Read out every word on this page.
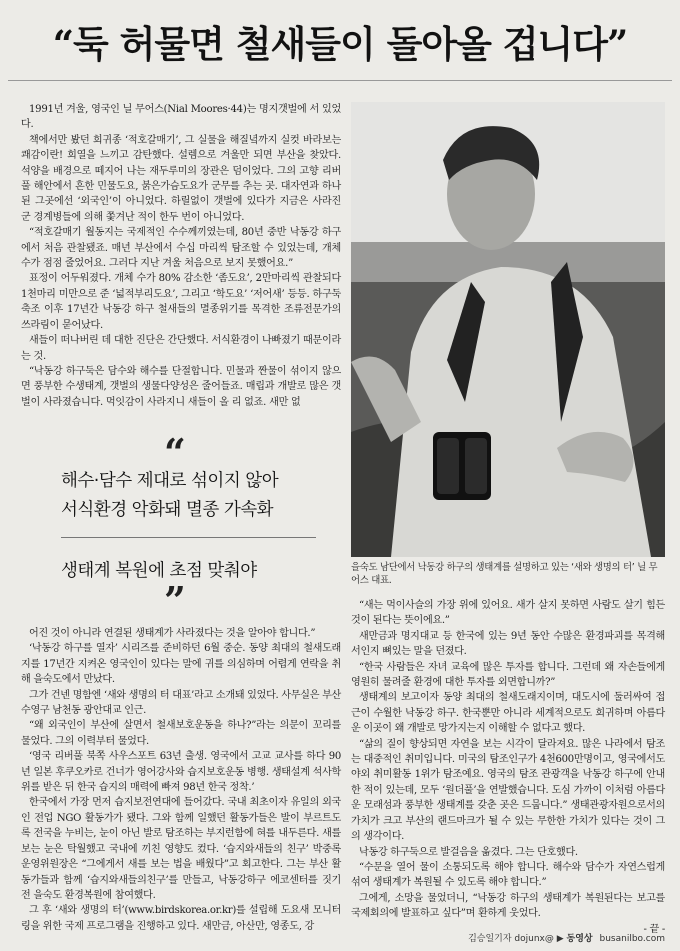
“둑 허물면 철새들이 돌아올 겁니다”

1991년 겨울, 영국인 닐 무어스(Nial Moores·44)는 명지갯벌에 서 있었다.

책에서만 봤던 희귀종 ‘적호갈매기’, 그 실물을 해질녘까지 실컷 바라보는 쾌감이란! 희열을 느끼고 감탄했다. 설렘으로 겨울만 되면 부산을 찾았다. 석양을 배경으로 떼지어 나는 재두루미의 장관은 덤이었다. 그의 고향 리버풀 해안에서 흔한 민물도요, 붉은가슴도요가 군무를 추는 곳. 대자연과 하나된 그곳에선 ‘외국인’이 아니었다. 하릴없이 갯벌에 있다가 지금은 사라진 군 경계병들에 의해 쫓겨난 적이 한두 번이 아니었다.

“적호갈매기 월동지는 국제적인 수수께끼였는데, 80년 중반 낙동강 하구에서 처음 관찰됐죠. 매년 부산에서 수십 마리씩 탐조할 수 있었는데, 개체 수가 점점 줄었어요. 그러다 지난 겨울 처음으로 보지 못했어요.”

표정이 어두워졌다. 개체 수가 80% 감소한 ‘좀도요’, 2만마리씩 관찰되다 1천마리 미만으로 준 ‘넓적부리도요’, 그리고 ‘학도요’ ‘저어새’ 등등. 하구둑 축조 이후 17년간 낙동강 하구 철새들의 멸종위기를 목격한 조류전문가의 쓰라림이 묻어났다.

새들이 떠나버린 데 대한 진단은 간단했다. 서식환경이 나빠졌기 때문이라는 것.

“낙동강 하구둑은 담수와 해수를 단절합니다. 민물과 짠물이 섞이지 않으면 풍부한 수생태계, 갯벌의 생물다양성은 줄어들죠. 매립과 개발로 많은 갯벌이 사라졌습니다. 먹잇감이 사라지니 새들이 올 리 없죠. 새만 없

“
해수·담수 제대로 섞이지 않아
서식환경 악화돼 멸종 가속화
생태계 복원에 초점 맞춰야
”

어진 것이 아니라 연결된 생태계가 사라졌다는 것을 알아야 합니다.”

‘낙동강 하구를 열자’ 시리즈를 준비하던 6월 중순. 동양 최대의 철새도래지를 17년간 지켜온 영국인이 있다는 말에 귀를 의심하며 어렵게 연락을 취해 을숙도에서 만났다.

그가 건넨 명함엔 ‘새와 생명의 터 대표’라고 소개돼 있었다. 사무실은 부산 수영구 남천동 광안대교 인근.

“왜 외국인이 부산에 살면서 철새보호운동을 하나?”라는 의문이 꼬리를 물었다. 그의 이력부터 물었다.

‘영국 리버풀 북쪽 사우스포트 63년 출생. 영국에서 고교 교사를 하다 90년 일본 후쿠오카로 건너가 영어강사와 습지보호운동 병행. 생태설계 석사학위를 받은 뒤 한국 습지의 매력에 빠져 98년 한국 정착.’

한국에서 가장 먼저 습지보전연대에 들어갔다. 국내 최초이자 유일의 외국인 전업 NGO 활동가가 됐다. 그와 함께 일했던 활동가들은 발이 부르트도록 전국을 누비는, 눈이 아닌 발로 탐조하는 부지런함에 혀를 내두른다. 새를 보는 눈은 탁월했고 국내에 끼친 영향도 컸다. ‘습지와새들의 친구’ 박중록 운영위원장은 “그에게서 새를 보는 법을 배웠다”고 회고한다. 그는 부산 활동가들과 함께 ‘습지와새들의친구’를 만들고, 낙동강하구 에코센터를 짓기 전 을숙도 환경복원에 참여했다.

그 후 ‘새와 생명의 터’(www.birdskorea.or.kr)를 설립해 도요새 모니터링을 위한 국제 프로그램을 진행하고 있다. 새만금, 아산만, 영종도, 강

을숙도 남단에서 낙동강 하구의 생태계를 설명하고 있는 ‘새와 생명의 터’ 닐 무어스 대표.

“새는 먹이사슬의 가장 위에 있어요. 새가 살지 못하면 사람도 살기 힘든 것이 된다는 뜻이에요.”

새만금과 명지대교 등 한국에 있는 9년 동안 수많은 환경파괴를 목격해 서인지 뼈있는 말을 던졌다.

“한국 사람들은 자녀 교육에 많은 투자를 합니다. 그런데 왜 자손들에게 영원히 물려줄 환경에 대한 투자를 외면합니까?”

생태계의 보고이자 동양 최대의 철새도래지이며, 대도시에 둘러싸여 접근이 수월한 낙동강 하구. 한국뿐만 아니라 세계적으로도 희귀하며 아름다운 이곳이 왜 개발로 망가지는지 이해할 수 없다고 했다.

“삶의 질이 향상되면 자연을 보는 시각이 달라져요. 많은 나라에서 탐조는 대중적인 취미입니다. 미국의 탐조인구가 4천600만명이고, 영국에서도 야외 취미활동 1위가 탐조예요. 영국의 탐조 관광객을 낙동강 하구에 안내한 적이 있는데, 모두 ‘원더풀’을 연발했습니다. 도심 가까이 이처럼 아름다운 모래섬과 풍부한 생태계를 갖춘 곳은 드뭅니다.” 생태관광자원으로서의 가치가 크고 부산의 랜드마크가 될 수 있는 무한한 가치가 있다는 것이 그의 생각이다.

낙동강 하구둑으로 발걸음을 옮겼다. 그는 단호했다.

“수문을 열어 물이 소통되도록 해야 합니다. 해수와 담수가 자연스럽게 섞여 생태계가 복원될 수 있도록 해야 합니다.”

그에게, 소망을 물었더니, “낙동강 하구의 생태계가 복원된다는 보고를 국제회의에 발표하고 싶다”며 환하게 웃었다.

- 끝 -

김승일기자 dojunx@ ▶ 동영상 busanilbo.com
